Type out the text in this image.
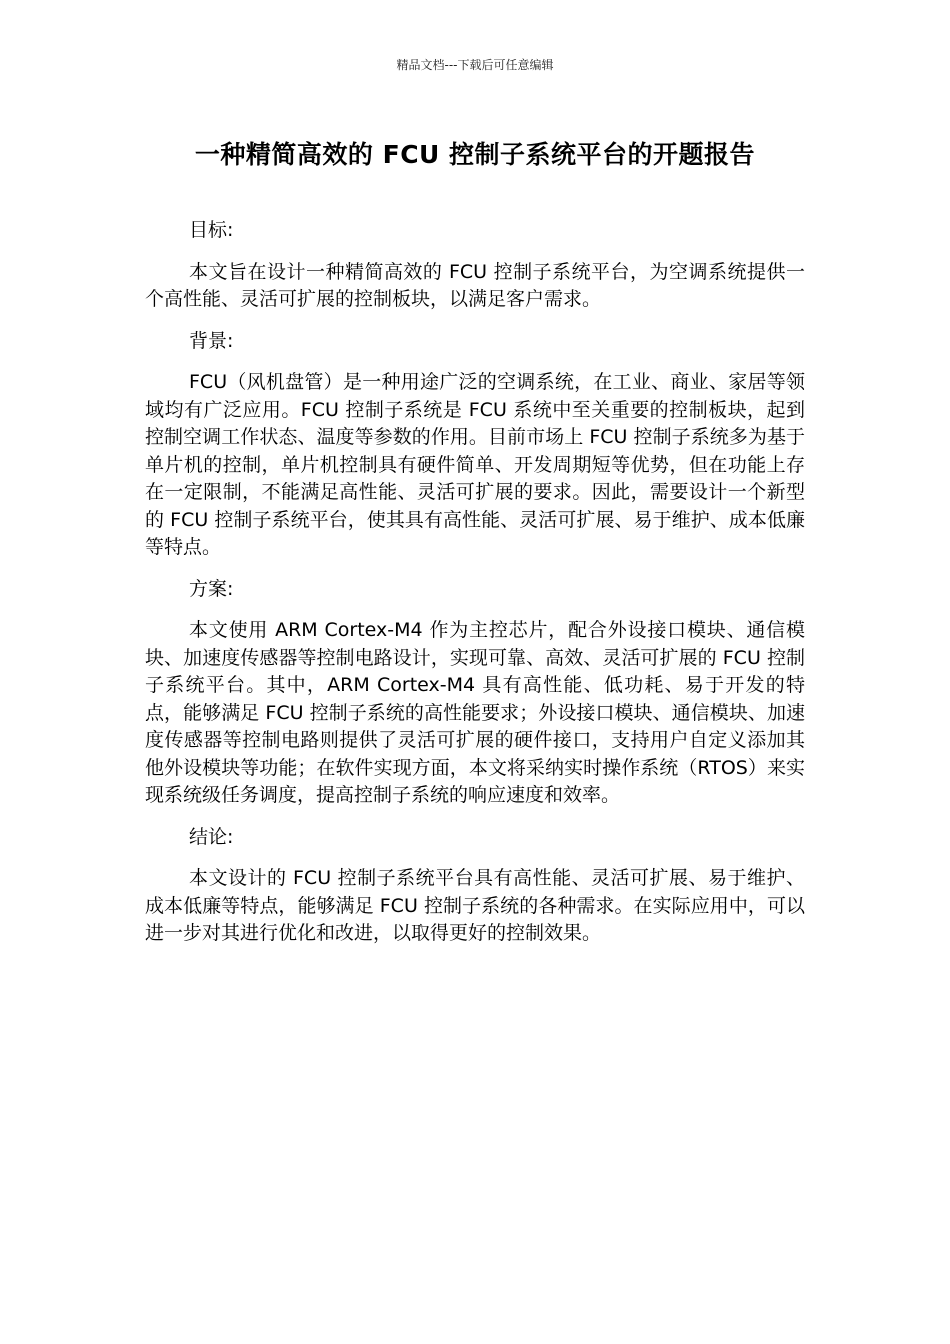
精品文档---下载后可任意编辑
一种精简高效的 FCU 控制子系统平台的开题报告

目标:

本文旨在设计一种精简高效的 FCU 控制子系统平台，为空调系统提供一个高性能、灵活可扩展的控制板块，以满足客户需求。

背景:

FCU（风机盘管）是一种用途广泛的空调系统，在工业、商业、家居等领域均有广泛应用。FCU 控制子系统是 FCU 系统中至关重要的控制板块，起到控制空调工作状态、温度等参数的作用。目前市场上 FCU 控制子系统多为基于单片机的控制，单片机控制具有硬件简单、开发周期短等优势，但在功能上存在一定限制，不能满足高性能、灵活可扩展的要求。因此，需要设计一个新型的 FCU 控制子系统平台，使其具有高性能、灵活可扩展、易于维护、成本低廉等特点。

方案:

本文使用 ARM Cortex-M4 作为主控芯片，配合外设接口模块、通信模块、加速度传感器等控制电路设计，实现可靠、高效、灵活可扩展的 FCU 控制子系统平台。其中，ARM Cortex-M4 具有高性能、低功耗、易于开发的特点，能够满足 FCU 控制子系统的高性能要求；外设接口模块、通信模块、加速度传感器等控制电路则提供了灵活可扩展的硬件接口，支持用户自定义添加其他外设模块等功能；在软件实现方面，本文将采纳实时操作系统（RTOS）来实现系统级任务调度，提高控制子系统的响应速度和效率。

结论:

本文设计的 FCU 控制子系统平台具有高性能、灵活可扩展、易于维护、成本低廉等特点，能够满足 FCU 控制子系统的各种需求。在实际应用中，可以进一步对其进行优化和改进，以取得更好的控制效果。
